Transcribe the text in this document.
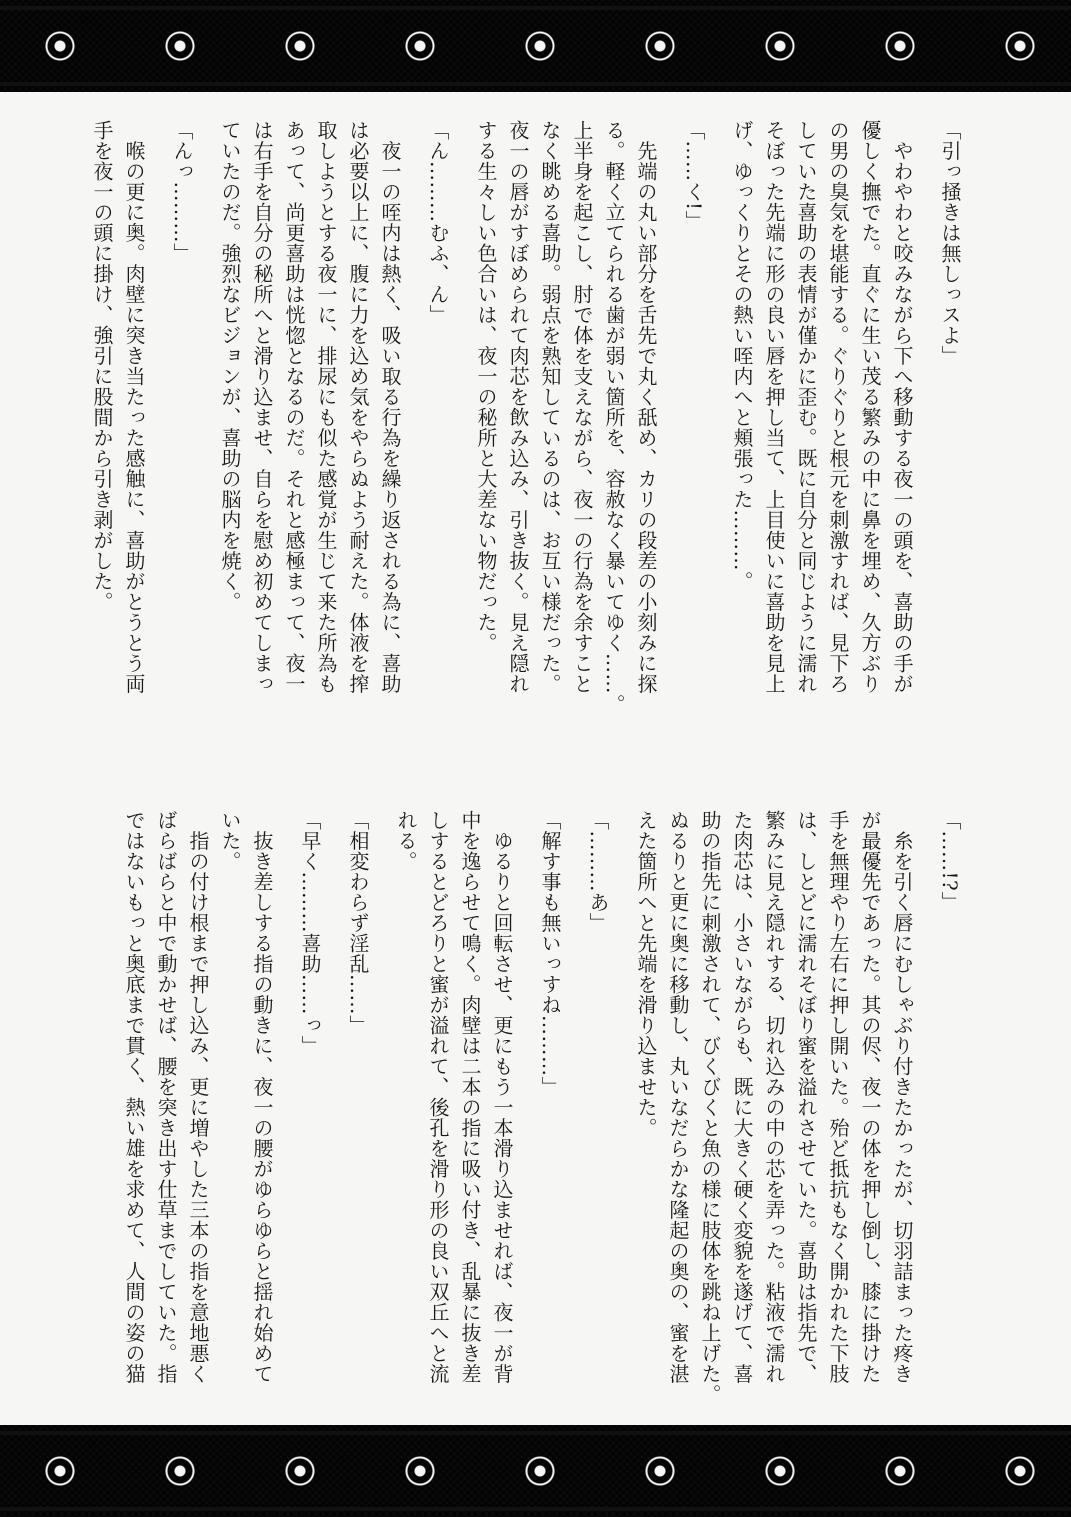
「引っ掻きは無しっスよ」
　やわやわと咬みながら下へ移動する夜一の頭を、喜助の手が
優しく撫でた。直ぐに生い茂る繁みの中に鼻を埋め、久方ぶり
の男の臭気を堪能する。ぐりぐりと根元を刺激すれば、見下ろ
していた喜助の表情が僅かに歪む。既に自分と同じように濡れ
そぼった先端に形の良い唇を押し当て、上目使いに喜助を見上
げ、ゆっくりとその熱い咥内へと頬張った………。
「……く!」
　先端の丸い部分を舌先で丸く舐め、カリの段差の小刻みに探
る。軽く立てられる歯が弱い箇所を、容赦なく暴いてゆく……。
上半身を起こし、肘で体を支えながら、夜一の行為を余すこと
なく眺める喜助。弱点を熟知しているのは、お互い様だった。
夜一の唇がすぼめられて肉芯を飲み込み、引き抜く。見え隠れ
する生々しい色合いは、夜一の秘所と大差ない物だった。
「ん………むふ、ん」
　夜一の咥内は熱く、吸い取る行為を繰り返される為に、喜助
は必要以上に、腹に力を込め気をやらぬよう耐えた。体液を搾
取しようとする夜一に、排尿にも似た感覚が生じて来た所為も
あって、尚更喜助は恍惚となるのだ。それと感極まって、夜一
は右手を自分の秘所へと滑り込ませ、自らを慰め初めてしまっ
ていたのだ。強烈なビジョンが、喜助の脳内を焼く。
「んっ………」
　喉の更に奥。肉壁に突き当たった感触に、喜助がとうとう両
手を夜一の頭に掛け、強引に股間から引き剥がした。
「……!?」
　糸を引く唇にむしゃぶり付きたかったが、切羽詰まった疼き
が最優先であった。其の侭、夜一の体を押し倒し、膝に掛けた
手を無理やり左右に押し開いた。殆ど抵抗もなく開かれた下肢
は、しとどに濡れそぼり蜜を溢れさせていた。喜助は指先で、
繁みに見え隠れする、切れ込みの中の芯を弄った。粘液で濡れ
た肉芯は、小さいながらも、既に大きく硬く変貌を遂げて、喜
助の指先に刺激されて、びくびくと魚の様に肢体を跳ね上げた。
ぬるりと更に奥に移動し、丸いなだらかな隆起の奥の、蜜を湛
えた箇所へと先端を滑り込ませた。
「………あ」
「解す事も無いっすね………」
　ゆるりと回転させ、更にもう一本滑り込ませれば、夜一が背
中を逸らせて鳴く。肉壁は二本の指に吸い付き、乱暴に抜き差
しするとどろりと蜜が溢れて、後孔を滑り形の良い双丘へと流
れる。
「相変わらず淫乱……」
「早く………喜助……っ」
　抜き差しする指の動きに、夜一の腰がゆらゆらと揺れ始めて
いた。
　指の付け根まで押し込み、更に増やした三本の指を意地悪く
ばらばらと中で動かせば、腰を突き出す仕草までしていた。指
ではないもっと奥底まで貫く、熱い雄を求めて、人間の姿の猫
